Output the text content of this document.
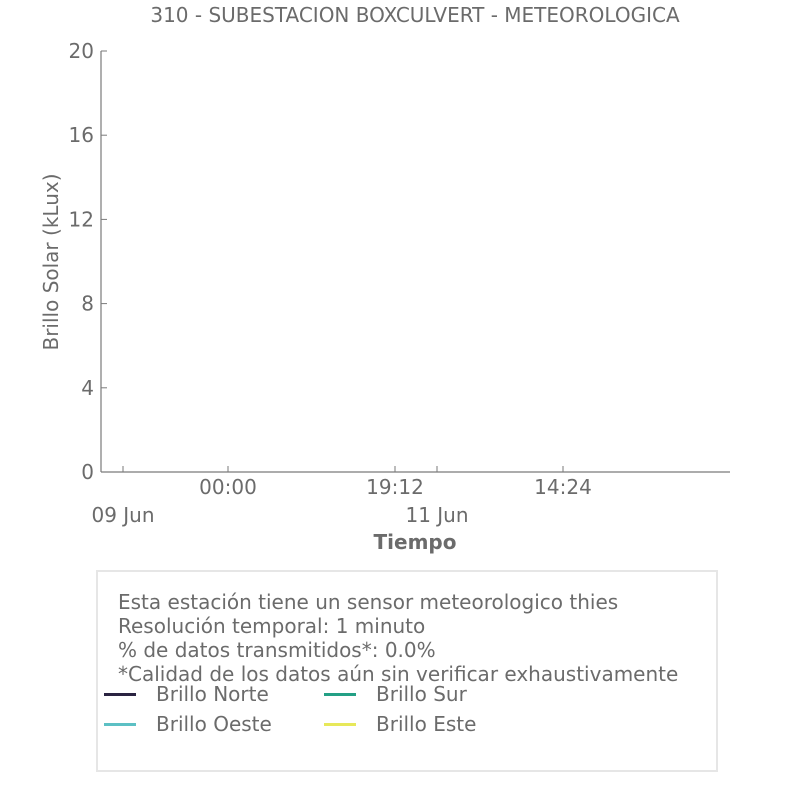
310 - SUBESTACION BOXCULVERT - METEOROLOGICA
Brillo Solar (kLux)
Tiempo
0
4
8
12
16
20
00:00	19:12	14:24
09 Jun	11 Jun
Esta estación tiene un sensor meteorologico thies
Resolución temporal: 1 minuto
% de datos transmitidos*: 0.0%
*Calidad de los datos aún sin verificar exhaustivamente
Brillo Norte	Brillo Sur
Brillo Oeste	Brillo Este
